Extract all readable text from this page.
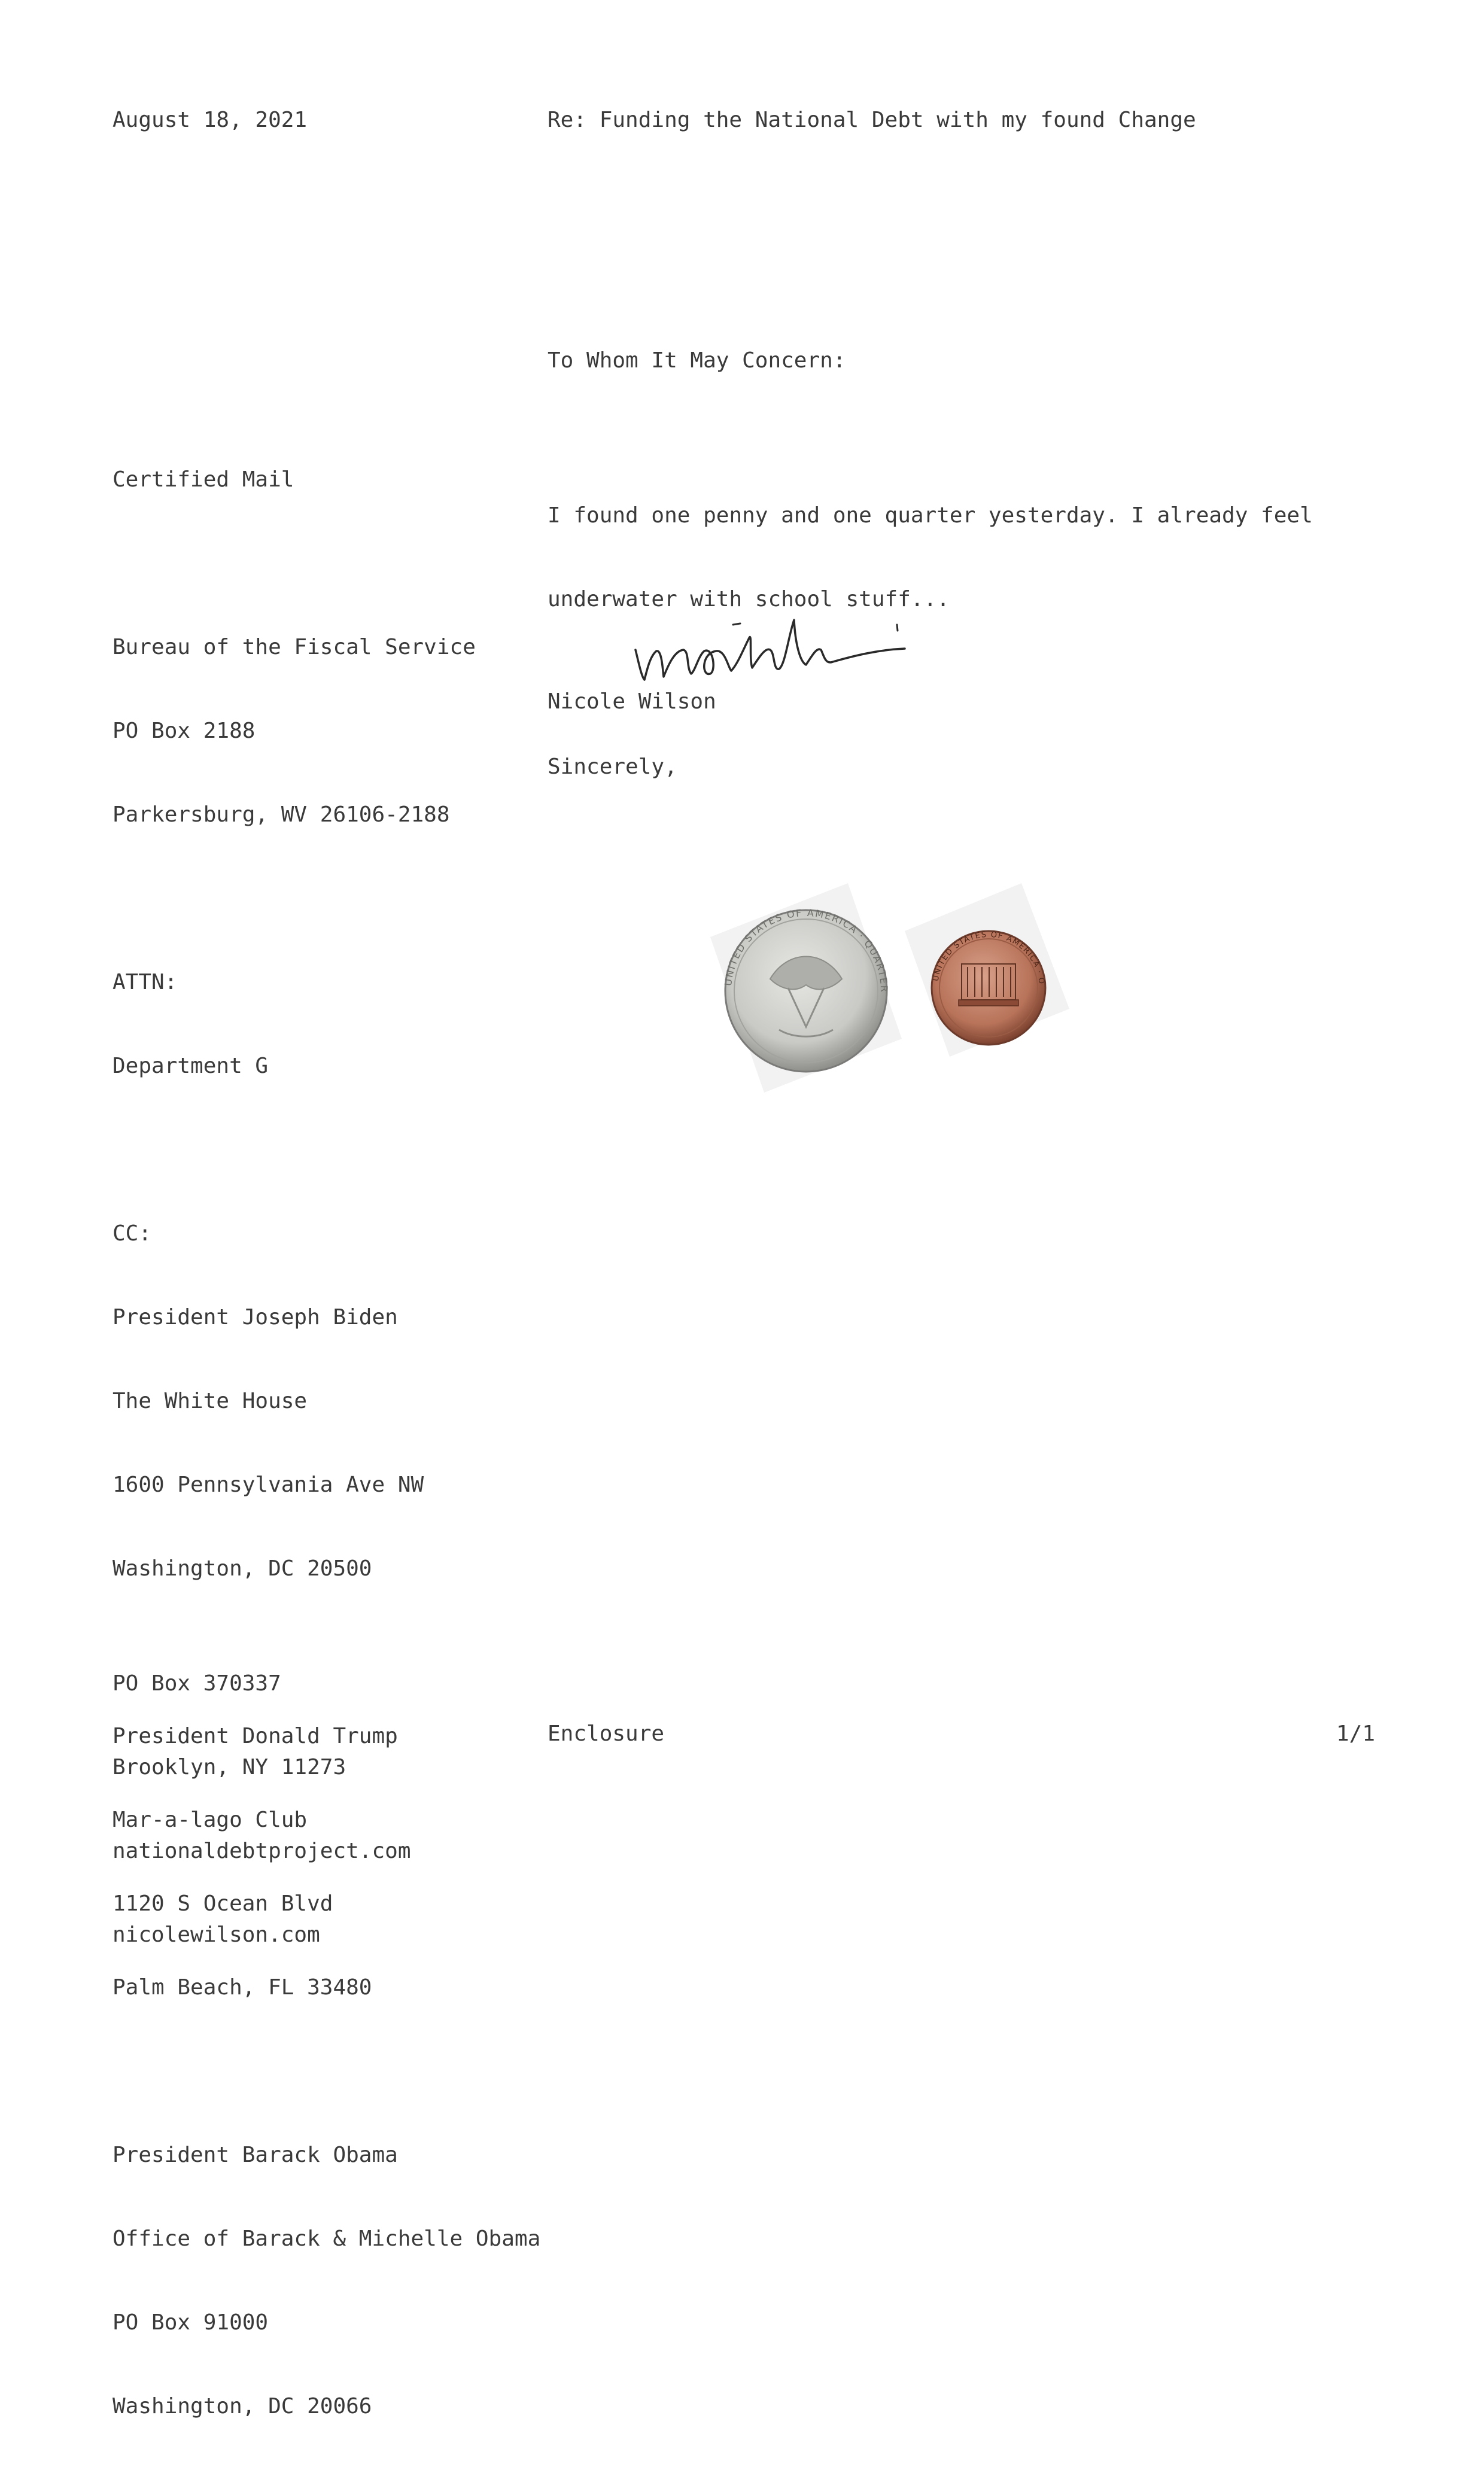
August 18, 2021	Re: Funding the National Debt with my found Change
To Whom It May Concern:

Certified Mail

Bureau of the Fiscal Service

PO Box 2188

Parkersburg, WV 26106-2188

ATTN:

Department G

CC:

President Joseph Biden

The White House

1600 Pennsylvania Ave NW

Washington, DC 20500

President Donald Trump

Mar-a-lago Club

1120 S Ocean Blvd

Palm Beach, FL 33480

President Barack Obama

Office of Barack & Michelle Obama

PO Box 91000

Washington, DC 20066

I found one penny and one quarter yesterday. I already feel

underwater with school stuff...

Sincerely,

Nicole Wilson

UNITED STATES OF AMERICA · QUARTER
UNITED STATES OF AMERICA · O

PO Box 370337

Brooklyn, NY 11273

nationaldebtproject.com

nicolewilson.com

Enclosure	1/1
